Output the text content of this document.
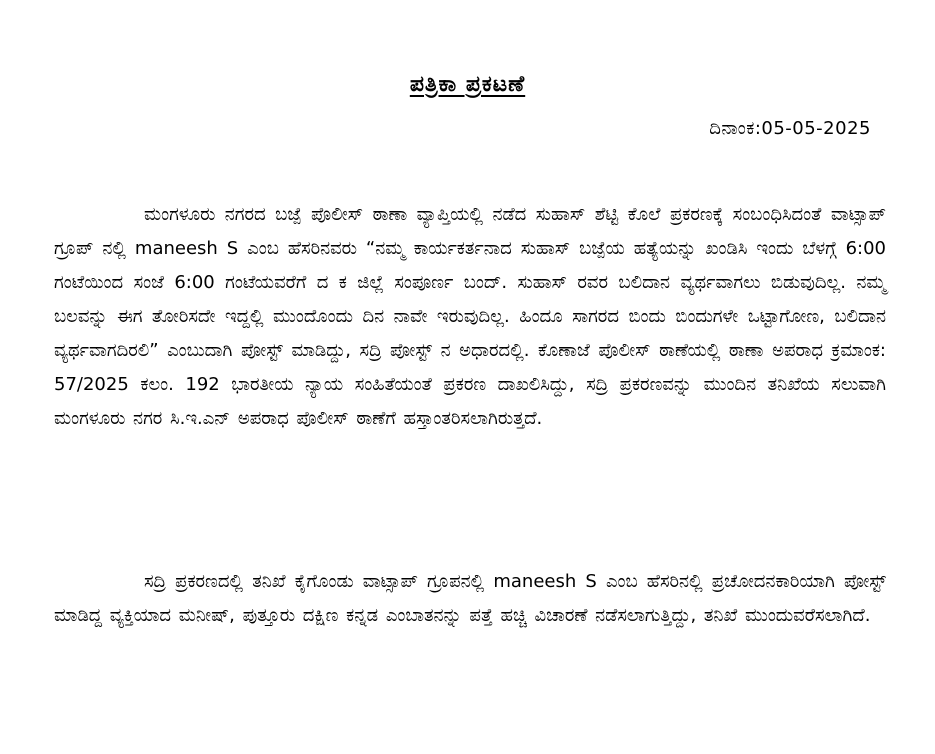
ಪತ್ರಿಕಾ ಪ್ರಕಟಣೆ
ದಿನಾಂಕ:05-05-2025

ಮಂಗಳೂರು ನಗರದ ಬಜ್ಪೆ ಪೊಲೀಸ್ ಠಾಣಾ ವ್ಯಾಪ್ತಿಯಲ್ಲಿ ನಡೆದ ಸುಹಾಸ್ ಶೆಟ್ಟಿ ಕೊಲೆ ಪ್ರಕರಣಕ್ಕೆ ಸಂಬಂಧಿಸಿದಂತೆ ವಾಟ್ಸಾಪ್ ಗ್ರೂಪ್ ನಲ್ಲಿ maneesh S ಎಂಬ ಹೆಸರಿನವರು “ನಮ್ಮ ಕಾರ್ಯಕರ್ತನಾದ ಸುಹಾಸ್ ಬಜ್ಪೆಯ ಹತ್ಯೆಯನ್ನು ಖಂಡಿಸಿ ಇಂದು ಬೆಳಗ್ಗೆ 6:00 ಗಂಟೆಯಿಂದ ಸಂಜೆ 6:00 ಗಂಟೆಯವರೆಗೆ ದ ಕ ಜಿಲ್ಲೆ ಸಂಪೂರ್ಣ ಬಂದ್. ಸುಹಾಸ್ ರವರ ಬಲಿದಾನ ವ್ಯರ್ಥವಾಗಲು ಬಿಡುವುದಿಲ್ಲ. ನಮ್ಮ ಬಲವನ್ನು ಈಗ ತೋರಿಸದೇ ಇದ್ದಲ್ಲಿ ಮುಂದೊಂದು ದಿನ ನಾವೇ ಇರುವುದಿಲ್ಲ. ಹಿಂದೂ ಸಾಗರದ ಬಿಂದು ಬಿಂದುಗಳೇ ಒಟ್ಟಾಗೋಣ, ಬಲಿದಾನ ವ್ಯರ್ಥವಾಗದಿರಲಿ” ಎಂಬುದಾಗಿ ಪೋಸ್ಟ್ ಮಾಡಿದ್ದು, ಸದ್ರಿ ಪೋಸ್ಟ್ ನ ಅಧಾರದಲ್ಲಿ. ಕೊಣಾಜೆ ಪೊಲೀಸ್ ಠಾಣೆಯಲ್ಲಿ ಠಾಣಾ ಅಪರಾಧ ಕ್ರಮಾಂಕ: 57/2025 ಕಲಂ. 192 ಭಾರತೀಯ ನ್ಯಾಯ ಸಂಹಿತೆಯಂತೆ ಪ್ರಕರಣ ದಾಖಲಿಸಿದ್ದು, ಸದ್ರಿ ಪ್ರಕರಣವನ್ನು ಮುಂದಿನ ತನಿಖೆಯ ಸಲುವಾಗಿ ಮಂಗಳೂರು ನಗರ ಸಿ.ಇ.ಎನ್ ಅಪರಾಧ ಪೊಲೀಸ್ ಠಾಣೆಗೆ ಹಸ್ತಾಂತರಿಸಲಾಗಿರುತ್ತದೆ.

ಸದ್ರಿ ಪ್ರಕರಣದಲ್ಲಿ ತನಿಖೆ ಕೈಗೊಂಡು ವಾಟ್ಸಾಪ್ ಗ್ರೂಪನಲ್ಲಿ maneesh S ಎಂಬ ಹೆಸರಿನಲ್ಲಿ ಪ್ರಚೋದನಕಾರಿಯಾಗಿ ಪೋಸ್ಟ್ ಮಾಡಿದ್ದ ವ್ಯಕ್ತಿಯಾದ ಮನೀಷ್, ಪುತ್ತೂರು ದಕ್ಷಿಣ ಕನ್ನಡ ಎಂಬಾತನನ್ನು ಪತ್ತೆ ಹಚ್ಚಿ ವಿಚಾರಣೆ ನಡೆಸಲಾಗುತ್ತಿದ್ದು, ತನಿಖೆ ಮುಂದುವರೆಸಲಾಗಿದೆ.
